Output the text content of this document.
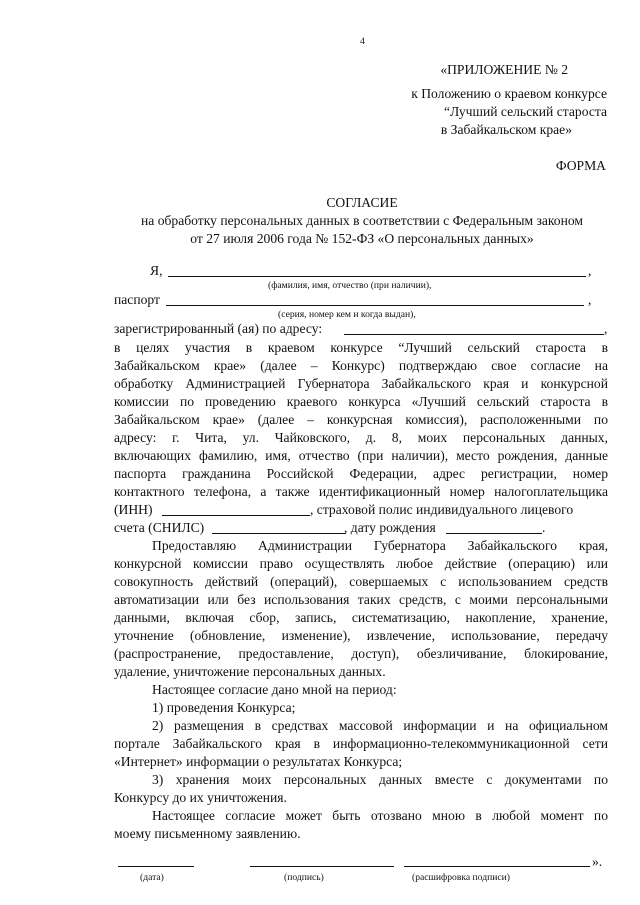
4
«ПРИЛОЖЕНИЕ № 2
к Положению о краевом конкурсе
“Лучший сельский староста
в Забайкальском крае»
ФОРМА
СОГЛАСИЕ
на обработку персональных данных в соответствии с Федеральным законом
от 27 июля 2006 года № 152-ФЗ «О персональных данных»
Я,	,
(фамилия, имя, отчество (при наличии),
паспорт	,
(серия, номер кем и когда выдан),
зарегистрированный (ая) по адресу:	,
в целях участия в краевом конкурсе “Лучший сельский староста в
Забайкальском крае» (далее – Конкурс) подтверждаю свое согласие на
обработку Администрацией Губернатора Забайкальского края и конкурсной
комиссии по проведению краевого конкурса «Лучший сельский староста в
Забайкальском крае» (далее – конкурсная комиссия), расположенными по
адресу: г. Чита, ул. Чайковского, д. 8, моих персональных данных,
включающих фамилию, имя, отчество (при наличии), место рождения, данные
паспорта гражданина Российской Федерации, адрес регистрации, номер
контактного телефона, а также идентификационный номер налогоплательщика
(ИНН)	, страховой полис индивидуального лицевого
счета (СНИЛС)	, дату рождения	.
Предоставляю Администрации Губернатора Забайкальского края,
конкурсной комиссии право осуществлять любое действие (операцию) или
совокупность действий (операций), совершаемых с использованием средств
автоматизации или без использования таких средств, с моими персональными
данными, включая сбор, запись, систематизацию, накопление, хранение,
уточнение (обновление, изменение), извлечение, использование, передачу
(распространение, предоставление, доступ), обезличивание, блокирование,
удаление, уничтожение персональных данных.
Настоящее согласие дано мной на период:
1) проведения Конкурса;
2) размещения в средствах массовой информации и на официальном
портале Забайкальского края в информационно-телекоммуникационной сети
«Интернет» информации о результатах Конкурса;
3) хранения моих персональных данных вместе с документами по
Конкурсу до их уничтожения.
Настоящее согласие может быть отозвано мною в любой момент по
моему письменному заявлению.
».
(дата)	(подпись)	(расшифровка подписи)
